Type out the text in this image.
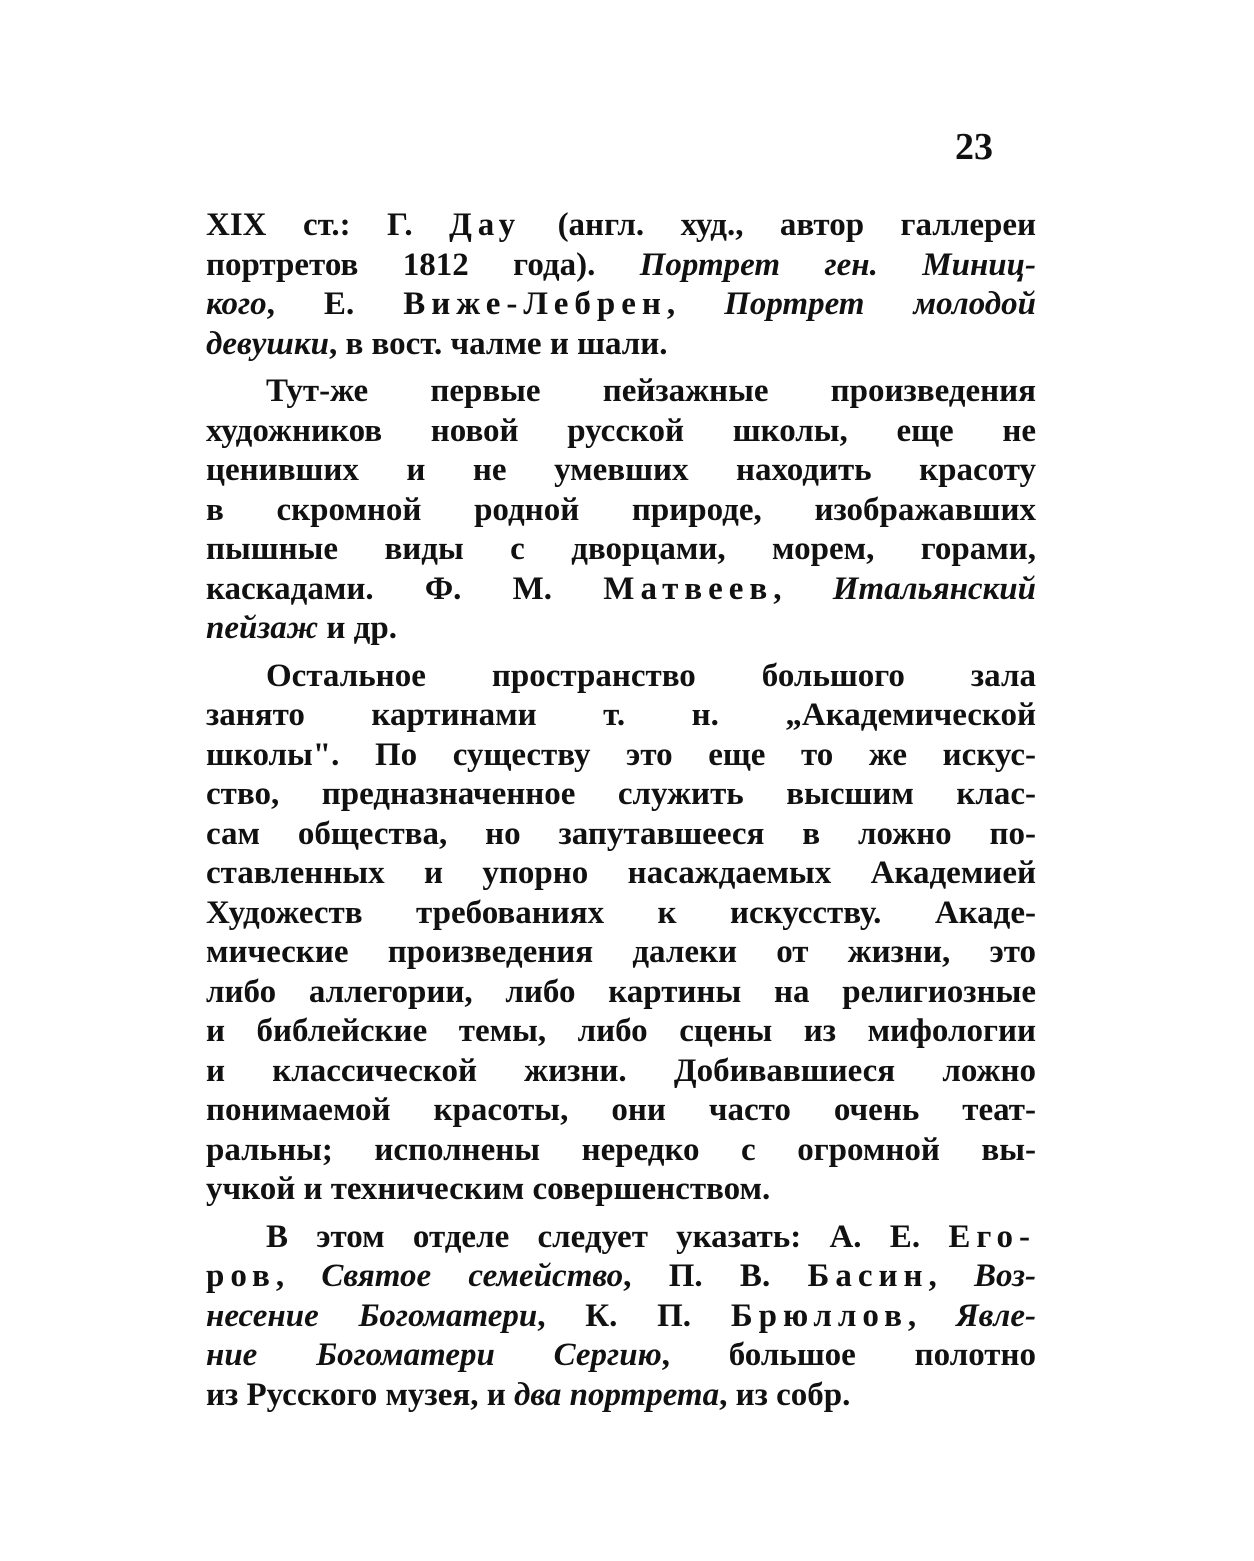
23
XIX ст.: Г. Дау (англ. худ., автор галлереи
портретов 1812 года). Портрет ген. Миниц-
кого, Е. Виже-Лебрен, Портрет молодой
девушки, в вост. чалме и шали.
Тут-же первые пейзажные произведения
художников новой русской школы, еще не
ценивших и не умевших находить красоту
в скромной родной природе, изображавших
пышные виды с дворцами, морем, горами,
каскадами. Ф. М. Матвеев, Итальянский
пейзаж и др.
Остальное пространство большого зала
занято картинами т. н. „Академической
школы". По существу это еще то же искус-
ство, предназначенное служить высшим клас-
сам общества, но запутавшееся в ложно по-
ставленных и упорно насаждаемых Академией
Художеств требованиях к искусству. Акаде-
мические произведения далеки от жизни, это
либо аллегории, либо картины на религиозные
и библейские темы, либо сцены из мифологии
и классической жизни. Добивавшиеся ложно
понимаемой красоты, они часто очень теат-
ральны; исполнены нередко с огромной вы-
учкой и техническим совершенством.
В этом отделе следует указать: А. Е. Его-
ров, Святое семейство, П. В. Басин, Воз-
несение Богоматери, К. П. Брюллов, Явле-
ние Богоматери Сергию, большое полотно
из Русского музея, и два портрета, из собр.
